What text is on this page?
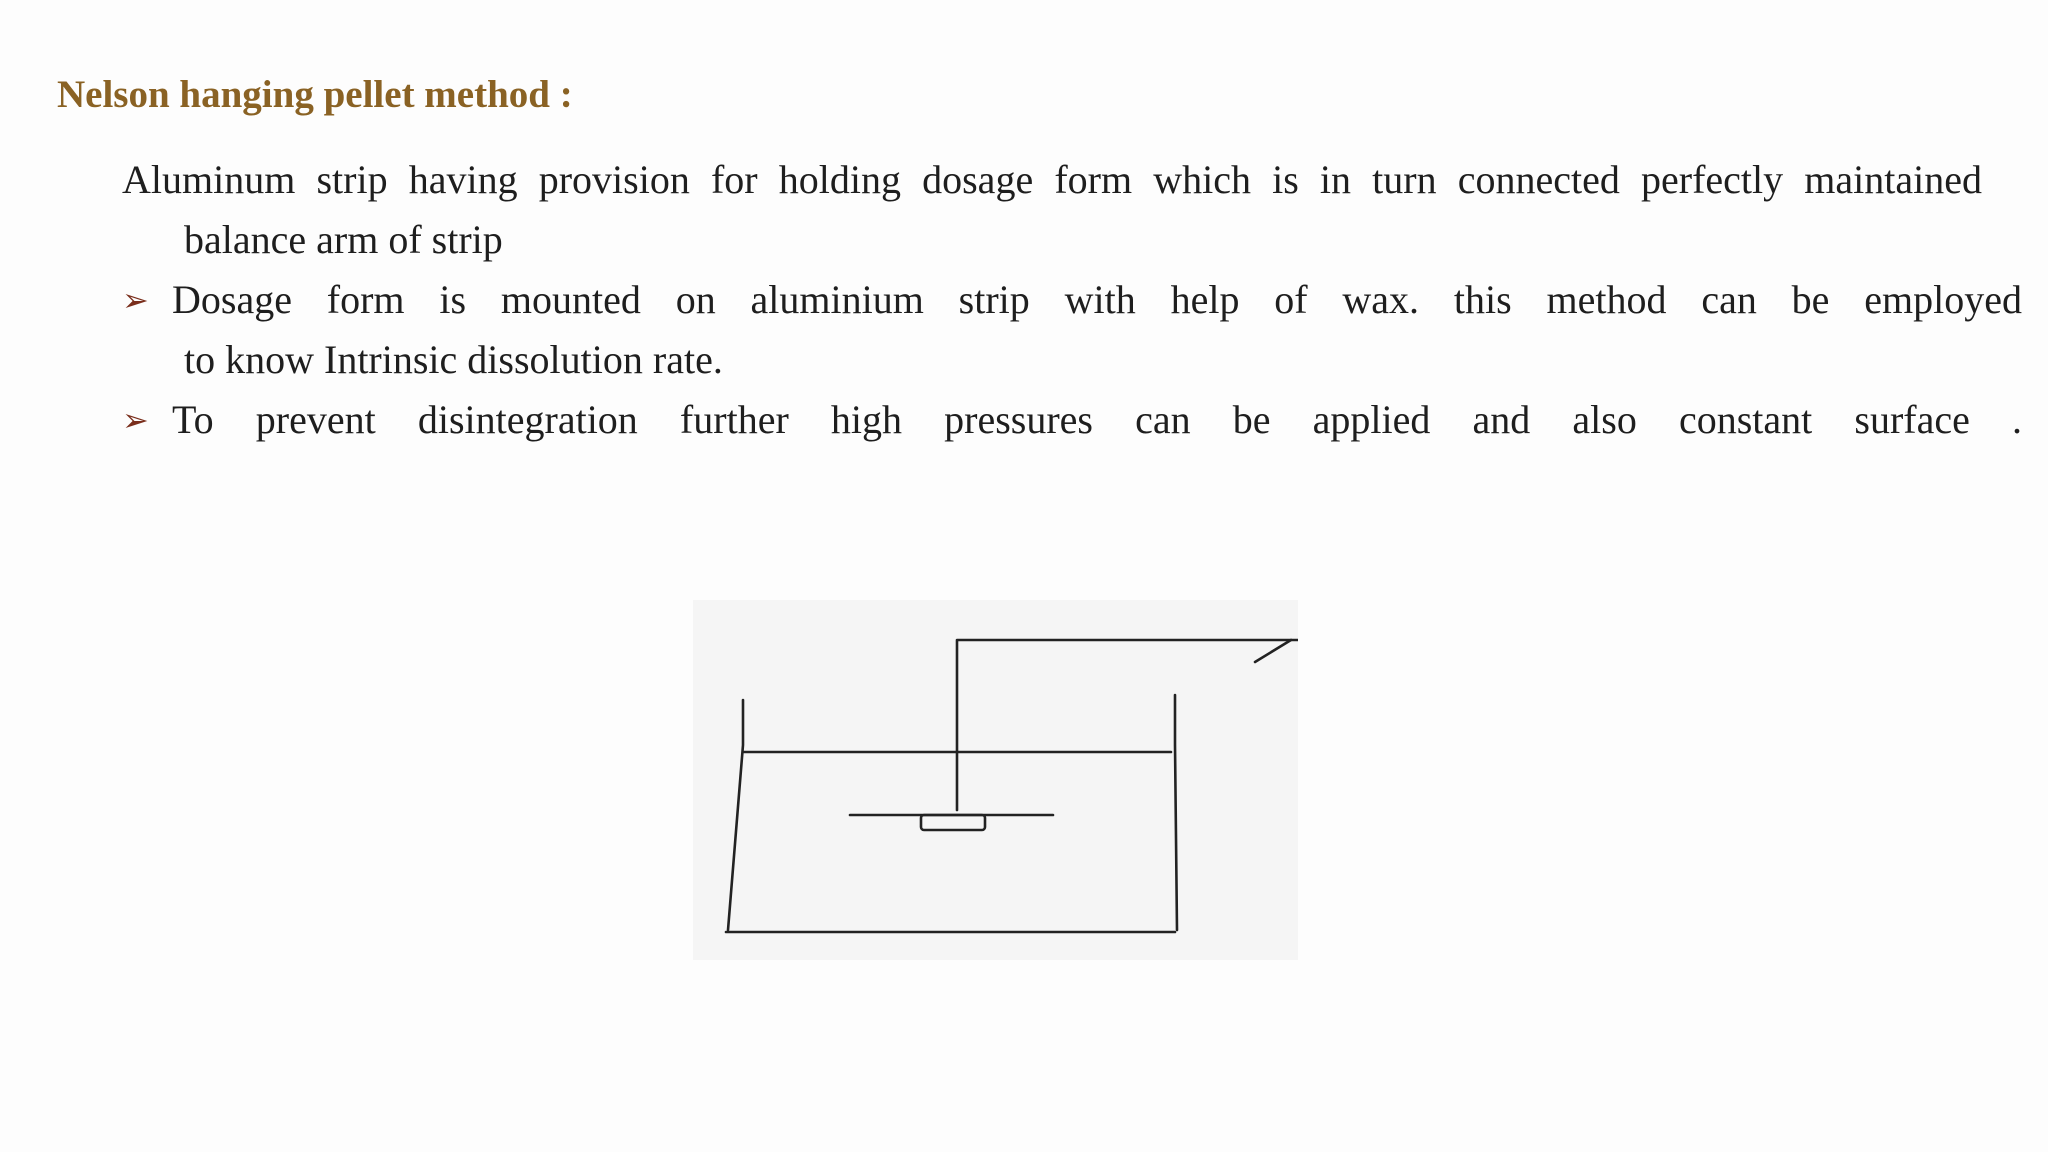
Nelson hanging pellet method :
Aluminum strip having provision for holding dosage form which is in turn connected perfectly maintained
balance arm of strip
➢ Dosage form is mounted on aluminium strip with help of wax. this method can be employed
to know Intrinsic dissolution rate.
➢ To prevent disintegration further high pressures can be applied and also constant surface .
